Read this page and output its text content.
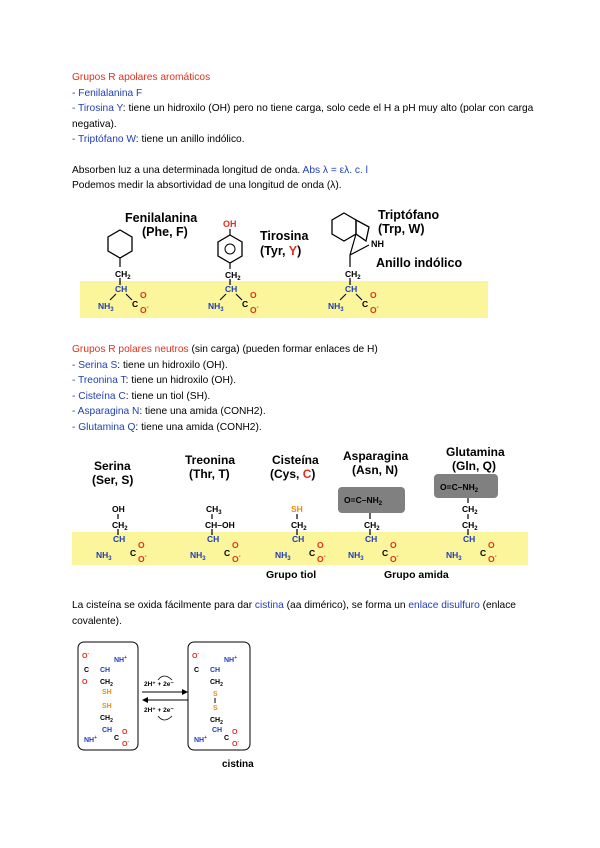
Grupos R apolares aromáticos
- Fenilalanina F
- Tirosina Y: tiene un hidroxilo (OH) pero no tiene carga, solo cede el H a pH muy alto (polar con carga negativa).
- Triptófano W: tiene un anillo indólico.
Absorben luz a una determinada longitud de onda. Abs λ = ελ. c. l
Podemos medir la absortividad de una longitud de onda (λ).
Fenilalanina
(Phe, F)
$CH_2$
CH
$NH_3$
C
O
O-
OH
Tirosina
(Tyr, Y)
$CH_2$
CH
$NH_3$
C
O
O-
Triptófano
(Trp, W)
NH
$CH_2$
Anillo indólico
CH
$NH_3$
C
O
O-
Grupos R polares neutros (sin carga) (pueden formar enlaces de H)
- Serina S: tiene un hidroxilo (OH).
- Treonina T: tiene un hidroxilo (OH).
- Cisteína C: tiene un tiol (SH).
- Asparagina N: tiene una amida (CONH2).
- Glutamina Q: tiene una amida (CONH2).
Serina
(Ser, S)
OH
$CH_2$
CH
$NH_3$
C
O
O-
Treonina
(Thr, T)
$CH_3$
CH–OH
CH
$NH_3$
C
O
O-
Cisteína
(Cys, C)
SH
$CH_2$
CH
$NH_3$
C
O
O-
Grupo tiol
Asparagina
(Asn, N)
$O=C-NH_2$
$CH_2$
CH
$NH_3$
C
O
O-
Grupo amida
Glutamina
(Gln, Q)
$O=C-NH_2$
$CH_2$
$CH_2$
CH
$NH_3$
C
O
O-
La cisteína se oxida fácilmente para dar cistina (aa dimérico), se forma un enlace disulfuro (enlace covalente).
O-
NH+
C CH
O $CH_2$
SH
SH
$CH_2$
CH
NH+ C
O
O-
2H⁺ + 2e⁻
2H⁺ + 2e⁻
O-
NH+
C CH
$CH_2$
S
S
$CH_2$
CH
NH+ C
O
O-
cistina
